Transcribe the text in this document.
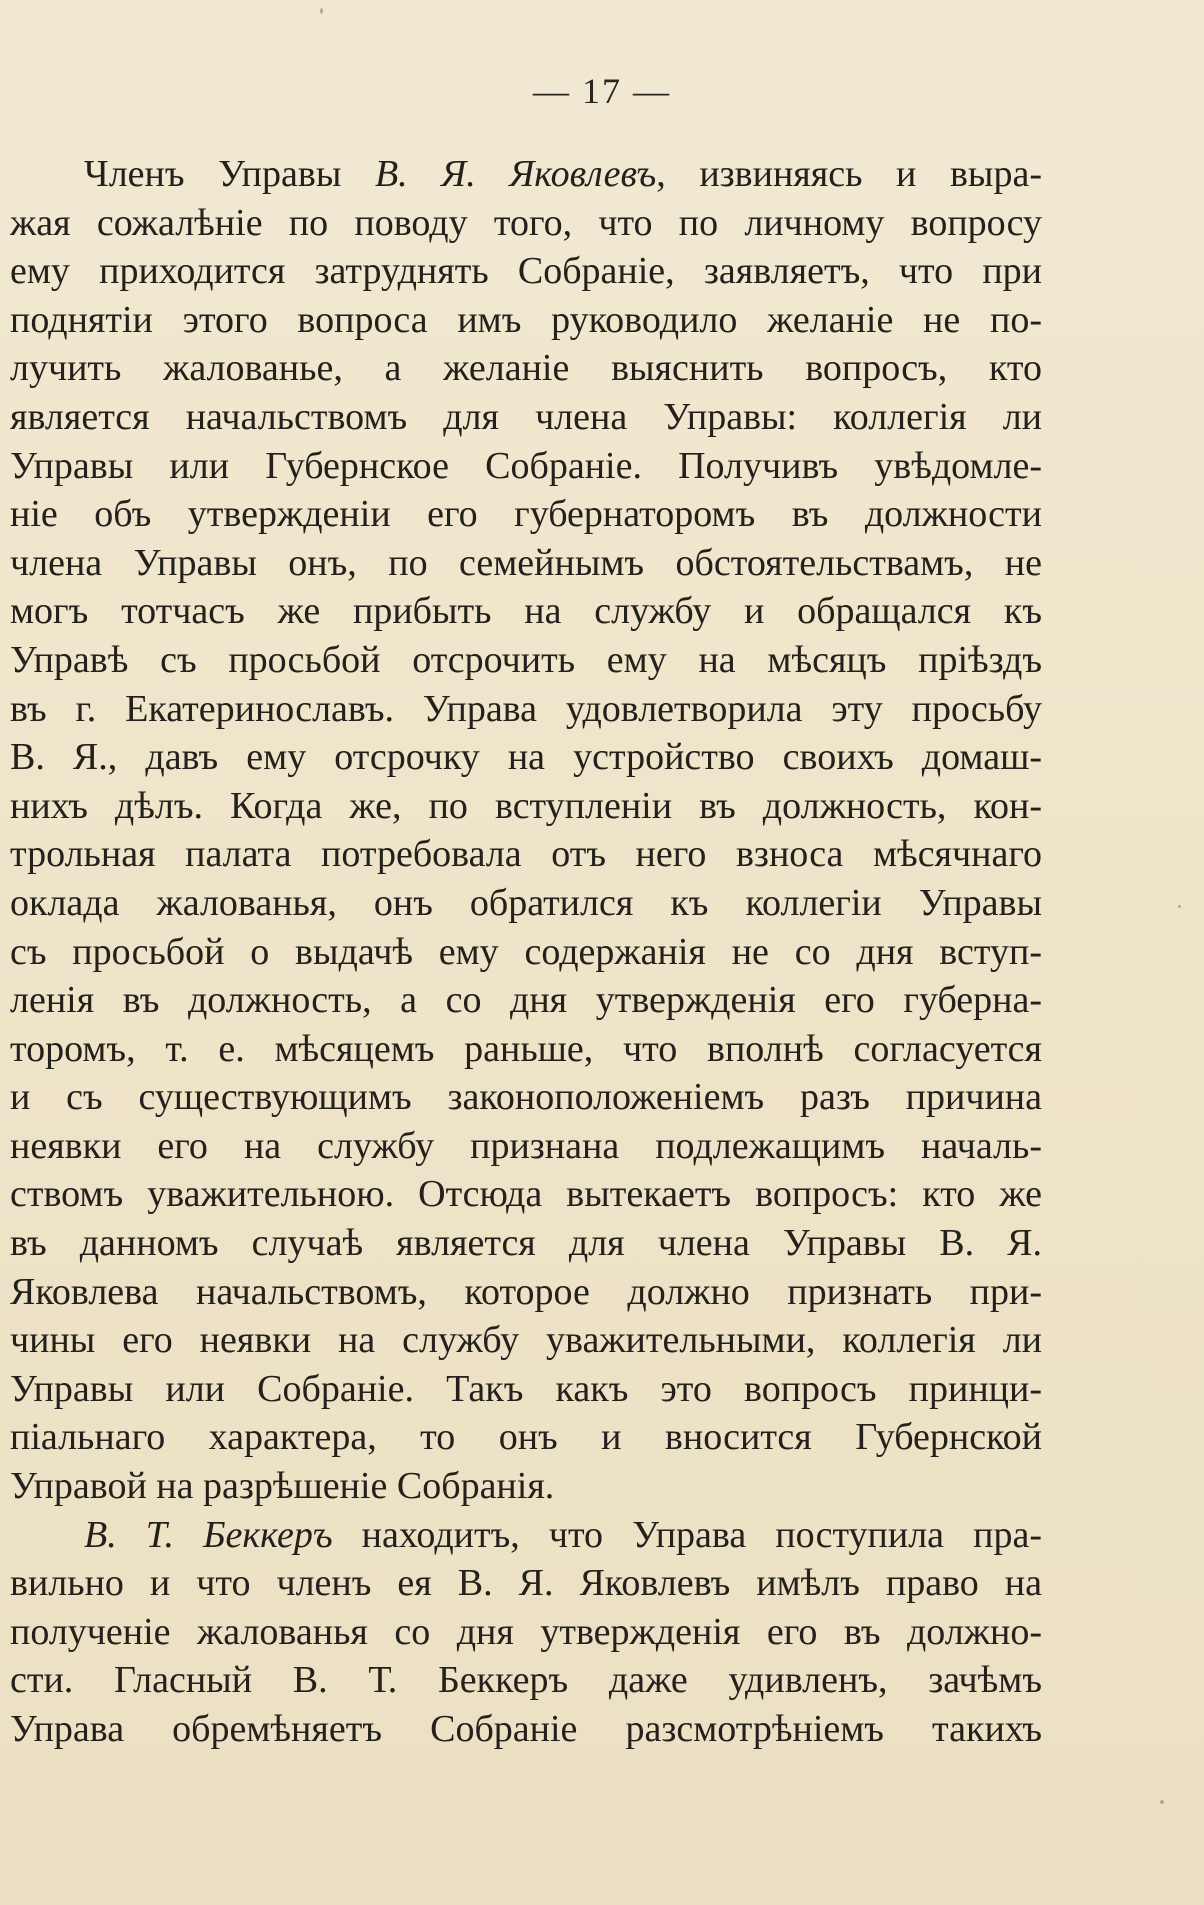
— 17 —
Членъ Управы В. Я. Яковлевъ, извиняясь и выра-
жая сожалѣніе по поводу того, что по личному вопросу
ему приходится затруднять Собраніе, заявляетъ, что при
поднятіи этого вопроса имъ руководило желаніе не по-
лучить жалованье, а желаніе выяснить вопросъ, кто
является начальствомъ для члена Управы: коллегія ли
Управы или Губернское Собраніе. Получивъ увѣдомле-
ніе объ утвержденіи его губернаторомъ въ должности
члена Управы онъ, по семейнымъ обстоятельствамъ, не
могъ тотчасъ же прибыть на службу и обращался къ
Управѣ съ просьбой отсрочить ему на мѣсяцъ пріѣздъ
въ г. Екатеринославъ. Управа удовлетворила эту просьбу
В. Я., давъ ему отсрочку на устройство своихъ домаш-
нихъ дѣлъ. Когда же, по вступленіи въ должность, кон-
трольная палата потребовала отъ него взноса мѣсячнаго
оклада жалованья, онъ обратился къ коллегіи Управы
съ просьбой о выдачѣ ему содержанія не со дня вступ-
ленія въ должность, а со дня утвержденія его губерна-
торомъ, т. е. мѣсяцемъ раньше, что вполнѣ согласуется
и съ существующимъ законоположеніемъ разъ причина
неявки его на службу признана подлежащимъ началь-
ствомъ уважительною. Отсюда вытекаетъ вопросъ: кто же
въ данномъ случаѣ является для члена Управы В. Я.
Яковлева начальствомъ, которое должно признать при-
чины его неявки на службу уважительными, коллегія ли
Управы или Собраніе. Такъ какъ это вопросъ принци-
піальнаго характера, то онъ и вносится Губернской
Управой на разрѣшеніе Собранія.
В. Т. Беккеръ находитъ, что Управа поступила пра-
вильно и что членъ ея В. Я. Яковлевъ имѣлъ право на
полученіе жалованья со дня утвержденія его въ должно-
сти. Гласный В. Т. Беккеръ даже удивленъ, зачѣмъ
Управа обремѣняетъ Собраніе разсмотрѣніемъ такихъ
